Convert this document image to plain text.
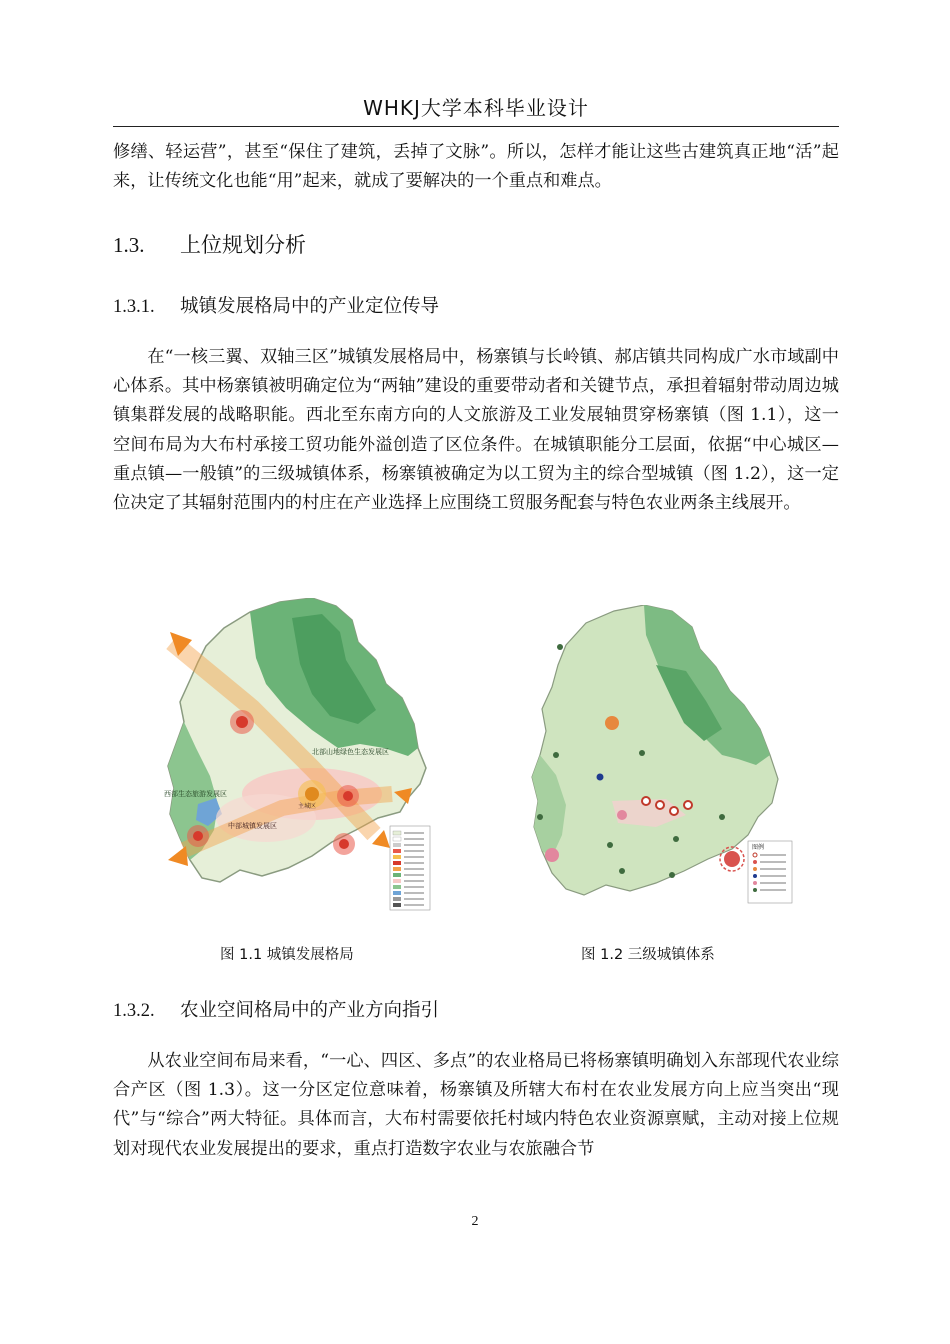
WHKJ大学本科毕业设计

修缮、轻运营”，甚至“保住了建筑，丢掉了文脉”。所以，怎样才能让这些古建筑真正地“活”起来，让传统文化也能“用”起来，就成了要解决的一个重点和难点。

1.3. 上位规划分析
1.3.1. 城镇发展格局中的产业定位传导

在“一核三翼、双轴三区”城镇发展格局中，杨寨镇与长岭镇、郝店镇共同构成广水市域副中心体系。其中杨寨镇被明确定位为“两轴”建设的重要带动者和关键节点，承担着辐射带动周边城镇集群发展的战略职能。西北至东南方向的人文旅游及工业发展轴贯穿杨寨镇（图 1.1），这一空间布局为大布村承接工贸功能外溢创造了区位条件。在城镇职能分工层面，依据“中心城区—重点镇—一般镇”的三级城镇体系，杨寨镇被确定为以工贸为主的综合型城镇（图 1.2），这一定位决定了其辐射范围内的村庄在产业选择上应围绕工贸服务配套与特色农业两条主线展开。

北部山地绿色生态发展区
西部生态旅游发展区
中部城镇发展区
主城区
图 1.1 城镇发展格局
图例
图 1.2 三级城镇体系
1.3.2. 农业空间格局中的产业方向指引

从农业空间布局来看，“一心、四区、多点”的农业格局已将杨寨镇明确划入东部现代农业综合产区（图 1.3）。这一分区定位意味着，杨寨镇及所辖大布村在农业发展方向上应当突出“现代”与“综合”两大特征。具体而言，大布村需要依托村域内特色农业资源禀赋，主动对接上位规划对现代农业发展提出的要求，重点打造数字农业与农旅融合节

2
